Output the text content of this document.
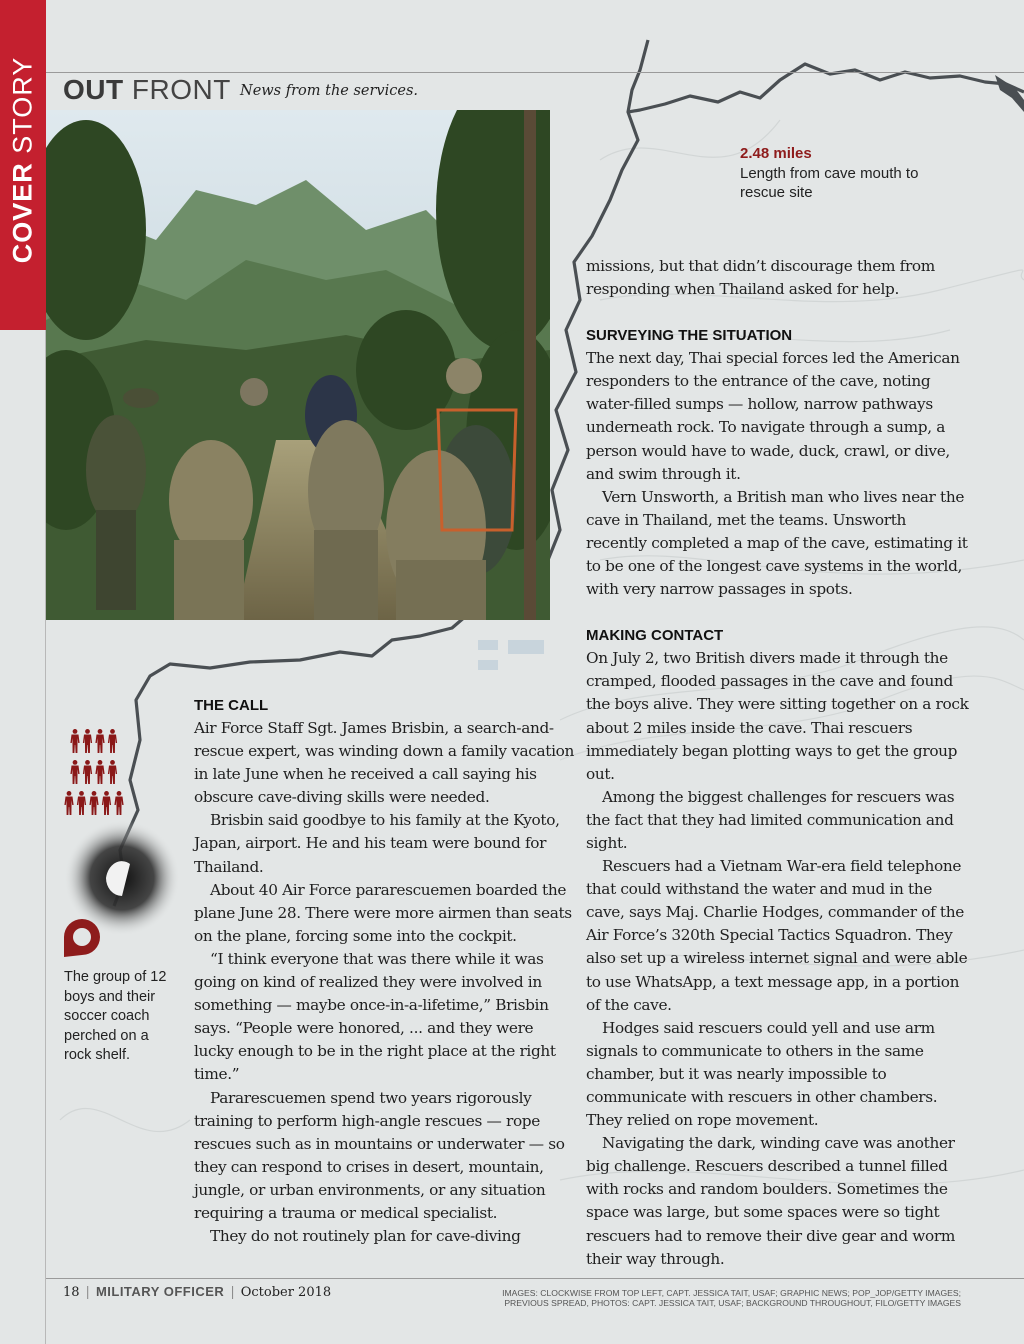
COVER STORY OUT FRONT News from the services.
2.48 miles
Length from cave mouth to rescue site
The group of 12 boys and their soccer coach perched on a rock shelf.
THE CALL

Air Force Staff Sgt. James Brisbin, a search-and-rescue expert, was winding down a family vacation in late June when he received a call saying his obscure cave-diving skills were needed.

Brisbin said goodbye to his family at the Kyoto, Japan, airport. He and his team were bound for Thailand.

About 40 Air Force pararescuemen boarded the plane June 28. There were more airmen than seats on the plane, forcing some into the cockpit.

“I think everyone that was there while it was going on kind of realized they were involved in something — maybe once-in-a-lifetime,” Brisbin says. “People were honored, ... and they were lucky enough to be in the right place at the right time.”

Pararescuemen spend two years rigorously training to perform high-angle rescues — rope rescues such as in mountains or underwater — so they can respond to crises in desert, mountain, jungle, or urban environments, or any situation requiring a trauma or medical specialist.

They do not routinely plan for cave-diving

missions, but that didn’t discourage them from responding when Thailand asked for help.

SURVEYING THE SITUATION

The next day, Thai special forces led the American responders to the entrance of the cave, noting water-filled sumps — hollow, narrow pathways underneath rock. To navigate through a sump, a person would have to wade, duck, crawl, or dive, and swim through it.

Vern Unsworth, a British man who lives near the cave in Thailand, met the teams. Unsworth recently completed a map of the cave, estimating it to be one of the longest cave systems in the world, with very narrow passages in spots.

MAKING CONTACT

On July 2, two British divers made it through the cramped, flooded passages in the cave and found the boys alive. They were sitting together on a rock about 2 miles inside the cave. Thai rescuers immediately began plotting ways to get the group out.

Among the biggest challenges for rescuers was the fact that they had limited communication and sight.

Rescuers had a Vietnam War-era field telephone that could withstand the water and mud in the cave, says Maj. Charlie Hodges, commander of the Air Force’s 320th Special Tactics Squadron. They also set up a wireless internet signal and were able to use WhatsApp, a text message app, in a portion of the cave.

Hodges said rescuers could yell and use arm signals to communicate to others in the same chamber, but it was nearly impossible to communicate with rescuers in other chambers. They relied on rope movement.

Navigating the dark, winding cave was another big challenge. Rescuers described a tunnel filled with rocks and random boulders. Sometimes the space was large, but some spaces were so tight rescuers had to remove their dive gear and worm their way through.

18 | MILITARY OFFICER | October 2018	IMAGES: CLOCKWISE FROM TOP LEFT, CAPT. JESSICA TAIT, USAF; GRAPHIC NEWS; POP_JOP/GETTY IMAGES;
PREVIOUS SPREAD, PHOTOS: CAPT. JESSICA TAIT, USAF; BACKGROUND THROUGHOUT, FILO/GETTY IMAGES
